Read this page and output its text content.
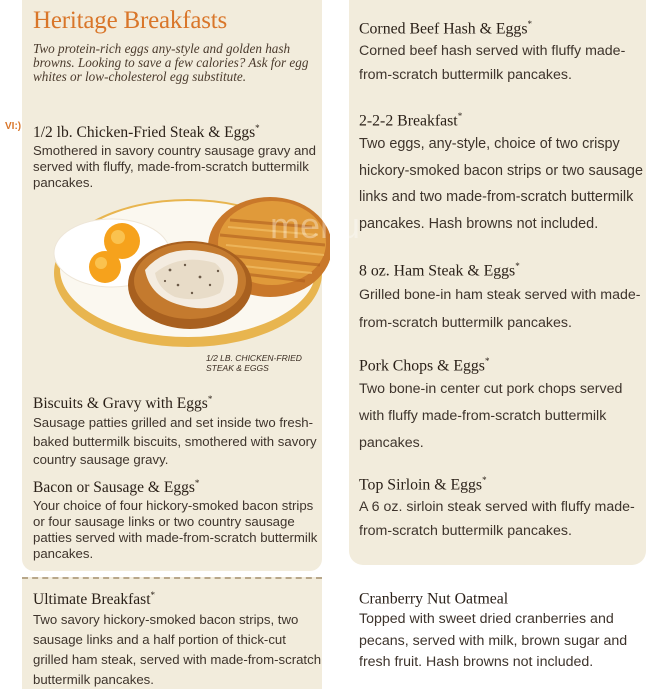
Heritage Breakfasts
Two protein-rich eggs any-style and golden hash browns. Looking to save a few calories? Ask for egg whites or low-cholesterol egg substitute.
VI:) 1/2 lb. Chicken-Fried Steak & Eggs*
Smothered in savory country sausage gravy and served with fluffy, made-from-scratch buttermilk pancakes.
Biscuits & Gravy with Eggs*
Sausage patties grilled and set inside two fresh-baked buttermilk biscuits, smothered with savory country sausage gravy.
Bacon or Sausage & Eggs*
Your choice of four hickory-smoked bacon strips or four sausage links or two country sausage patties served with made-from-scratch buttermilk pancakes.
Ultimate Breakfast*
Two savory hickory-smoked bacon strips, two sausage links and a half portion of thick-cut grilled ham steak, served with made-from-scratch buttermilk pancakes.
1/2 LB. CHICKEN-FRIED
STEAK & EGGS
menu
Corned Beef Hash & Eggs*
Corned beef hash served with fluffy made-from-scratch buttermilk pancakes.
2-2-2 Breakfast*
Two eggs, any-style, choice of two crispy hickory-smoked bacon strips or two sausage links and two made-from-scratch buttermilk pancakes. Hash browns not included.
8 oz. Ham Steak & Eggs*
Grilled bone-in ham steak served with made-from-scratch buttermilk pancakes.
Pork Chops & Eggs*
Two bone-in center cut pork chops served with fluffy made-from-scratch buttermilk pancakes.
Top Sirloin & Eggs*
A 6 oz. sirloin steak served with fluffy made-from-scratch buttermilk pancakes.
Cranberry Nut Oatmeal
Topped with sweet dried cranberries and pecans, served with milk, brown sugar and fresh fruit. Hash browns not included.
